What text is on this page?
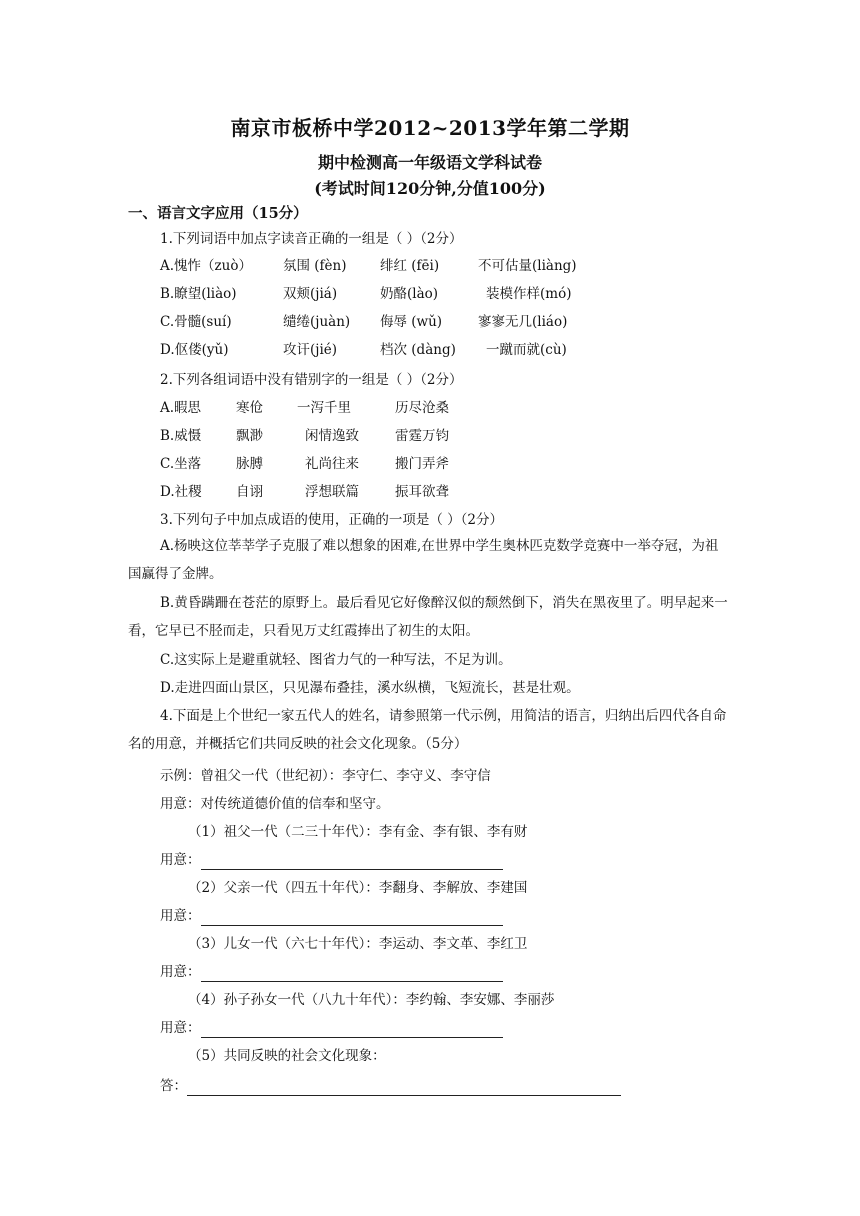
南京市板桥中学2012~2013学年第二学期
期中检测高一年级语文学科试卷
(考试时间120分钟,分值100分)
一、语言文字应用（15分）
1.下列词语中加点字读音正确的一组是（ ）（2分）
A.愧怍（zuò） 氛围 (fèn) 绯红 (fēi)	不可估量(liàng)
B.瞭望(liào)	双颊(jiá)	奶酪(lào)	装模作样(mó)
C.骨髓(suí)	缱绻(juàn) 侮辱 (wǔ)	寥寥无几(liáo)
D.伛偻(yǔ)	攻讦(jié)	档次 (dàng) 一蹴而就(cù)
2.下列各组词语中没有错别字的一组是（ ）（2分）
A.暇思	寒伧	一泻千里	历尽沧桑
B.威慑	飘渺	闲情逸致	雷霆万钧
C.坐落	脉膊	礼尚往来	搬门弄斧
D.社稷	自诩	浮想联篇	振耳欲聋
3.下列句子中加点成语的使用，正确的一项是（ ）（2分）
A.杨映这位莘莘学子克服了难以想象的困难,在世界中学生奥林匹克数学竞赛中一举夺冠，为祖国赢得了金牌。
B.黄昏蹒跚在苍茫的原野上。最后看见它好像醉汉似的颓然倒下，消失在黑夜里了。明早起来一看，它早已不胫而走，只看见万丈红霞捧出了初生的太阳。
C.这实际上是避重就轻、图省力气的一种写法，不足为训。
D.走进四面山景区，只见瀑布叠挂，溪水纵横，飞短流长，甚是壮观。
4.下面是上个世纪一家五代人的姓名，请参照第一代示例，用简洁的语言，归纳出后四代各自命名的用意，并概括它们共同反映的社会文化现象。（5分）
示例：曾祖父一代（世纪初）：李守仁、李守义、李守信
用意：对传统道德价值的信奉和坚守。
（1）祖父一代（二三十年代）：李有金、李有银、李有财
用意：
（2）父亲一代（四五十年代）：李翻身、李解放、李建国
用意：
（3）儿女一代（六七十年代）：李运动、李文革、李红卫
用意：
（4）孙子孙女一代（八九十年代）：李约翰、李安娜、李丽莎
用意：
（5）共同反映的社会文化现象：
答：
